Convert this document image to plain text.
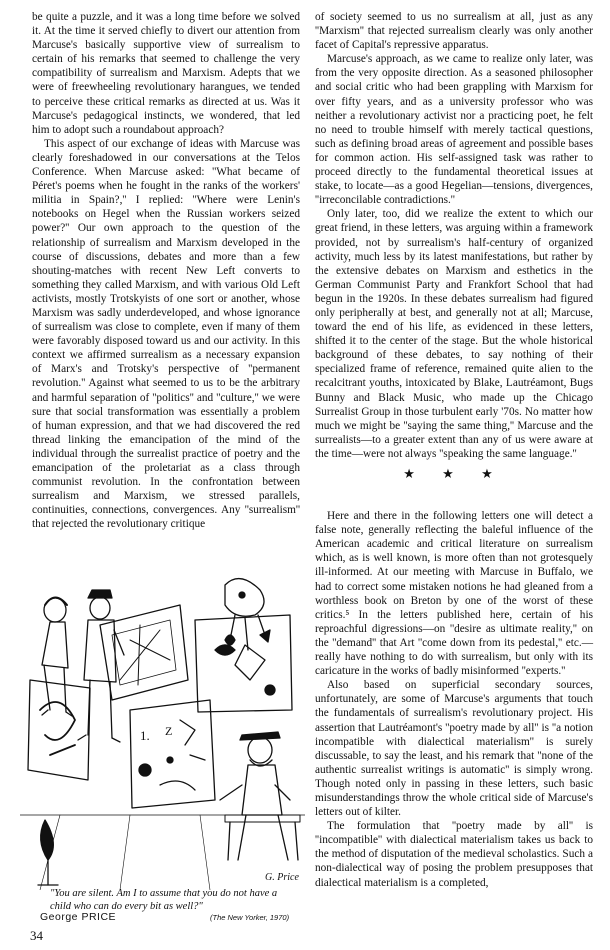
be quite a puzzle, and it was a long time before we solved it. At the time it served chiefly to divert our attention from Marcuse's basically supportive view of surrealism to certain of his remarks that seemed to challenge the very compatibility of surrealism and Marxism. Adepts that we were of freewheeling revolutionary harangues, we tended to perceive these critical remarks as directed at us. Was it Marcuse's pedagogical instincts, we wondered, that led him to adopt such a roundabout approach?

This aspect of our exchange of ideas with Marcuse was clearly foreshadowed in our conversations at the Telos Conference. When Marcuse asked: ''What became of Péret's poems when he fought in the ranks of the workers' militia in Spain?,'' I replied: ''Where were Lenin's notebooks on Hegel when the Russian workers seized power?'' Our own approach to the question of the relationship of surrealism and Marxism developed in the course of discussions, debates and more than a few shouting-matches with recent New Left converts to something they called Marxism, and with various Old Left activists, mostly Trotskyists of one sort or another, whose Marxism was sadly underdeveloped, and whose ignorance of surrealism was close to complete, even if many of them were favorably disposed toward us and our activity. In this context we affirmed surrealism as a necessary expansion of Marx's and Trotsky's perspective of ''permanent revolution.'' Against what seemed to us to be the arbitrary and harmful separation of ''politics'' and ''culture,'' we were sure that social transformation was essentially a problem of human expression, and that we had discovered the red thread linking the emancipation of the mind of the individual through the surrealist practice of poetry and the emancipation of the proletariat as a class through communist revolution. In the confrontation between surrealism and Marxism, we stressed parallels, continuities, connections, convergences. Any ''surrealism'' that rejected the revolutionary critique

of society seemed to us no surrealism at all, just as any ''Marxism'' that rejected surrealism clearly was only another facet of Capital's repressive apparatus.

Marcuse's approach, as we came to realize only later, was from the very opposite direction. As a seasoned philosopher and social critic who had been grappling with Marxism for over fifty years, and as a university professor who was neither a revolutionary activist nor a practicing poet, he felt no need to trouble himself with merely tactical questions, such as defining broad areas of agreement and possible bases for common action. His self-assigned task was rather to proceed directly to the fundamental theoretical issues at stake, to locate—as a good Hegelian—tensions, divergences, ''irreconcilable contradictions.''

Only later, too, did we realize the extent to which our great friend, in these letters, was arguing within a framework provided, not by surrealism's half-century of organized activity, much less by its latest manifestations, but rather by the extensive debates on Marxism and esthetics in the German Communist Party and Frankfort School that had begun in the 1920s. In these debates surrealism had figured only peripherally at best, and generally not at all; Marcuse, toward the end of his life, as evidenced in these letters, shifted it to the center of the stage. But the whole historical background of these debates, to say nothing of their specialized frame of reference, remained quite alien to the recalcitrant youths, intoxicated by Blake, Lautréamont, Bugs Bunny and Black Music, who made up the Chicago Surrealist Group in those turbulent early '70s. No matter how much we might be ''saying the same thing,'' Marcuse and the surrealists—to a greater extent than any of us were aware at the time—were not always ''speaking the same language.''

★ ★ ★

Here and there in the following letters one will detect a false note, generally reflecting the baleful influence of the American academic and critical literature on surrealism which, as is well known, is more often than not grotesquely ill-informed. At our meeting with Marcuse in Buffalo, we had to correct some mistaken notions he had gleaned from a worthless book on Breton by one of the worst of these critics.⁵ In the letters published here, certain of his reproachful digressions—on ''desire as ultimate reality,'' on the ''demand'' that Art ''come down from its pedestal,'' etc.—really have nothing to do with surrealism, but only with its caricature in the works of badly misinformed ''experts.''

Also based on superficial secondary sources, unfortunately, are some of Marcuse's arguments that touch the fundamentals of surrealism's revolutionary project. His assertion that Lautréamont's ''poetry made by all'' is ''a notion incompatible with dialectical materialism'' is surely discussable, to say the least, and his remark that ''none of the authentic surrealist writings is automatic'' is simply wrong. Though noted only in passing in these letters, such basic misunderstandings throw the whole critical side of Marcuse's letters out of kilter.

The formulation that ''poetry made by all'' is ''incompatible'' with dialectical materialism takes us back to the method of disputation of the medieval scholastics. Such a non-dialectical way of posing the problem presupposes that dialectical materialism is a completed,

1. Z
G. Price
"You are silent. Am I to assume that you do not have a child who can do every bit as well?"
George PRICE	(The New Yorker, 1970)
34
